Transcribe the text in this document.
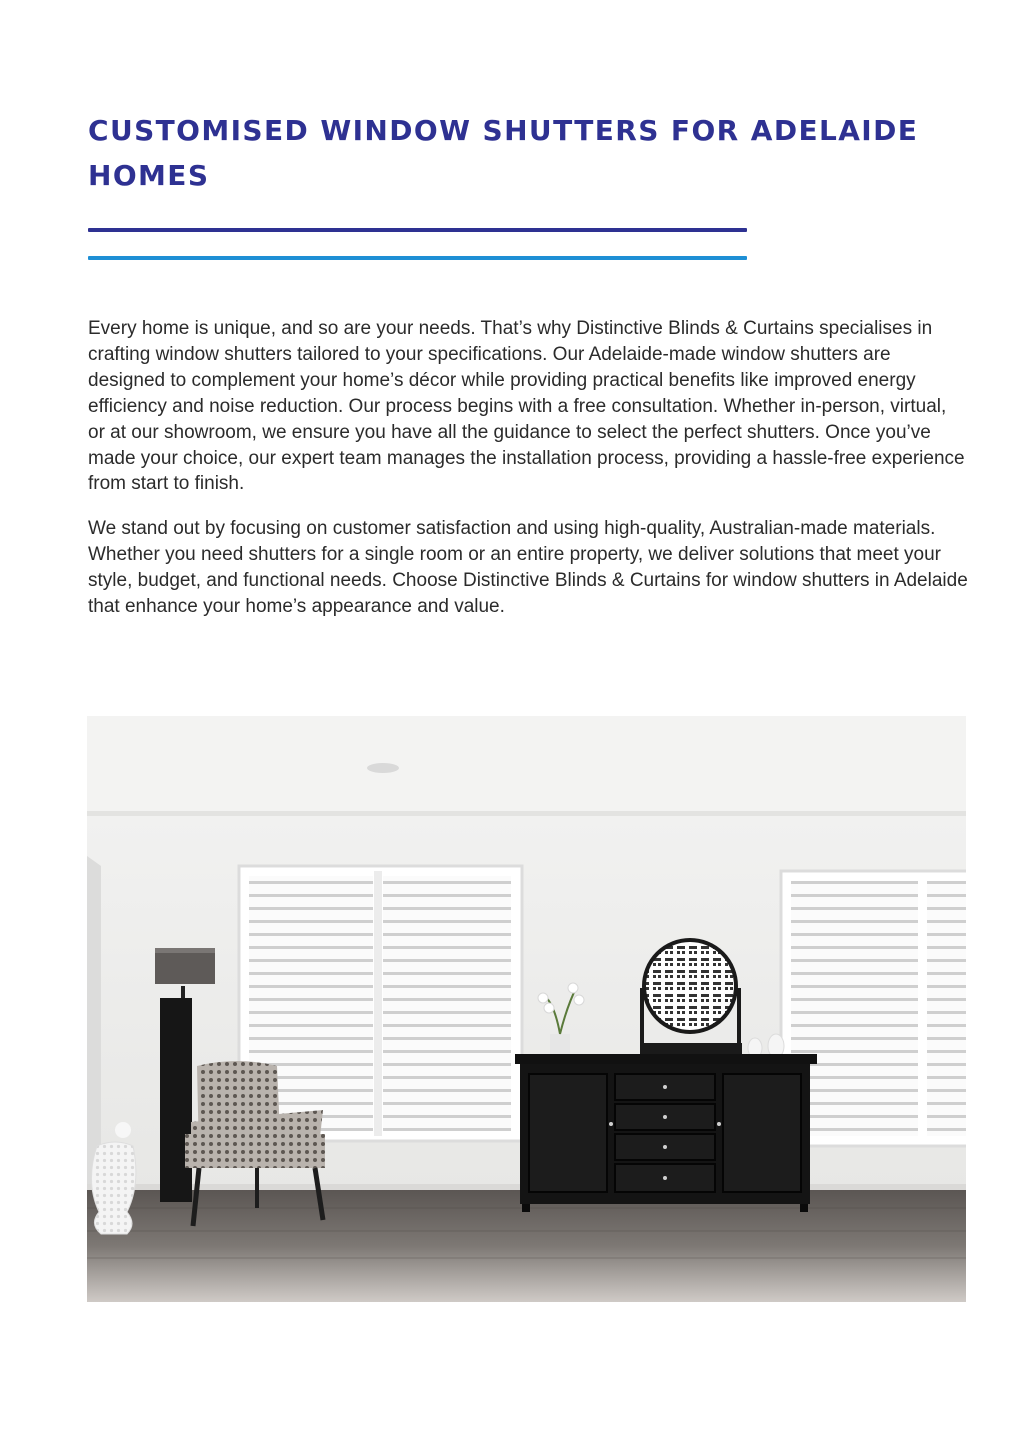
CUSTOMISED WINDOW SHUTTERS FOR ADELAIDE HOMES

Every home is unique, and so are your needs. That’s why Distinctive Blinds & Curtains specialises in crafting window shutters tailored to your specifications. Our Adelaide-made window shutters are designed to complement your home’s décor while providing practical benefits like improved energy efficiency and noise reduction. Our process begins with a free consultation. Whether in-person, virtual, or at our showroom, we ensure you have all the guidance to select the perfect shutters. Once you’ve made your choice, our expert team manages the installation process, providing a hassle-free experience from start to finish.

We stand out by focusing on customer satisfaction and using high-quality, Australian-made materials. Whether you need shutters for a single room or an entire property, we deliver solutions that meet your style, budget, and functional needs. Choose Distinctive Blinds & Curtains for window shutters in Adelaide that enhance your home’s appearance and value.
